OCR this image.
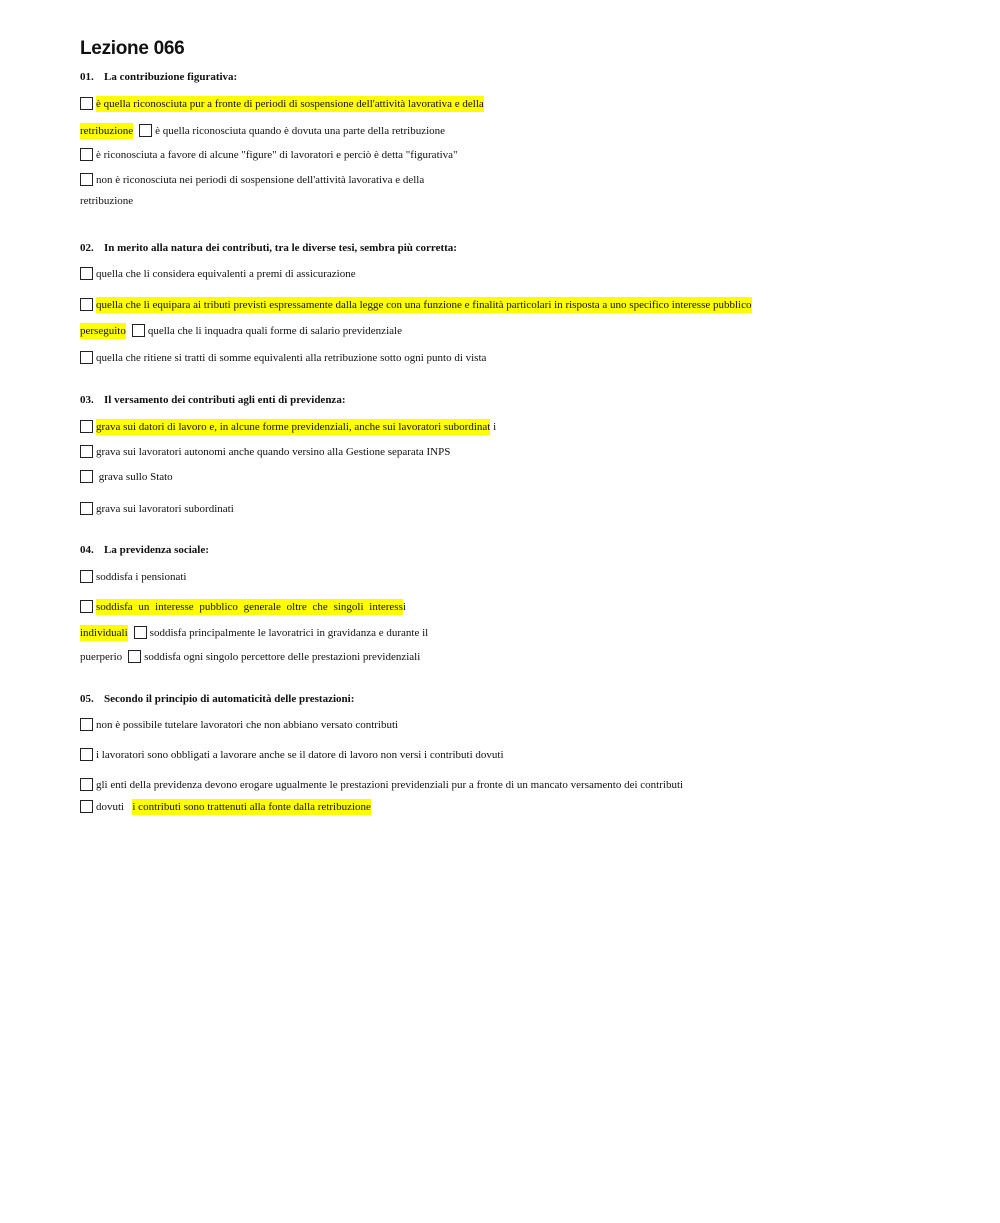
Lezione 066
01. La contribuzione figurativa:
è quella riconosciuta pur a fronte di periodi di sospensione dell'attività lavorativa e della
retribuzione è quella riconosciuta quando è dovuta una parte della retribuzione
è riconosciuta a favore di alcune "figure" di lavoratori e perciò è detta "figurativa"
non è riconosciuta nei periodi di sospensione dell'attività lavorativa e della
retribuzione
02. In merito alla natura dei contributi, tra le diverse tesi, sembra più corretta:
quella che li considera equivalenti a premi di assicurazione
quella che li equipara ai tributi previsti espressamente dalla legge con una funzione e finalità particolari in risposta a uno specifico interesse pubblico
perseguito quella che li inquadra quali forme di salario previdenziale
quella che ritiene si tratti di somme equivalenti alla retribuzione sotto ogni punto di vista
03. Il versamento dei contributi agli enti di previdenza:
grava sui datori di lavoro e, in alcune forme previdenziali, anche sui lavoratori subordinat i
grava sui lavoratori autonomi anche quando versino alla Gestione separata INPS
grava sullo Stato
grava sui lavoratori subordinati
04. La previdenza sociale:
soddisfa i pensionati
soddisfa un interesse pubblico generale oltre che singoli interessi
individuali soddisfa principalmente le lavoratrici in gravidanza e durante il
puerperio soddisfa ogni singolo percettore delle prestazioni previdenziali
05. Secondo il principio di automaticità delle prestazioni:
non è possibile tutelare lavoratori che non abbiano versato contributi
i lavoratori sono obbligati a lavorare anche se il datore di lavoro non versi i contributi dovuti
gli enti della previdenza devono erogare ugualmente le prestazioni previdenziali pur a fronte di un mancato versamento dei contributi
dovuti i contributi sono trattenuti alla fonte dalla retribuzione
